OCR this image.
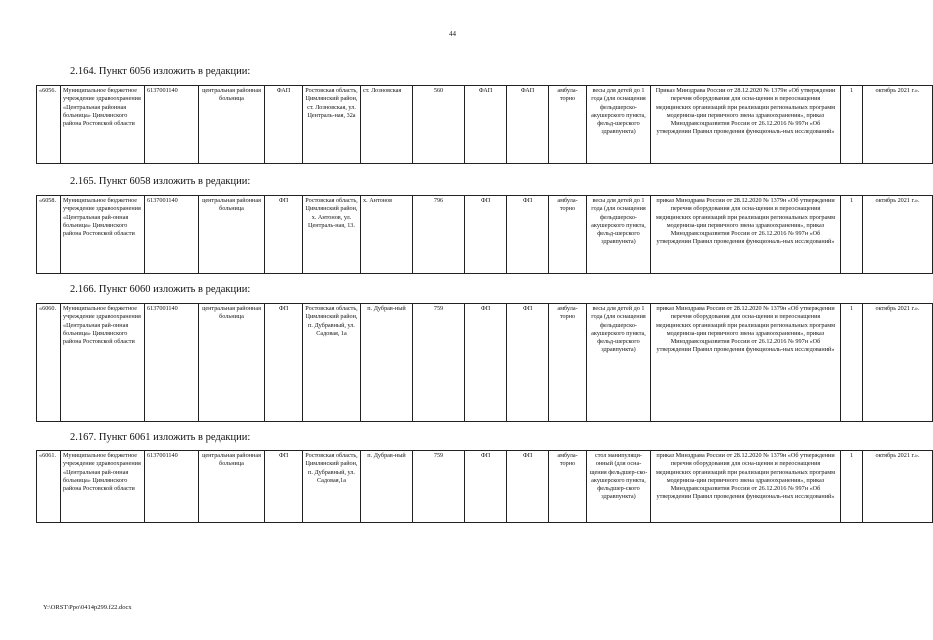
44
2.164. Пункт 6056 изложить в редакции:
«6056.	Муниципальное бюджетное учреждение здравоохранения «Центральная районная больница» Цимлянского района Ростовской области	6137001140	центральная районная больница	ФАП	Ростовская область, Цимлянский район, ст. Лозновская, ул. Централь-ная, 32а	ст. Лозновская	560	ФАП	ФАП	амбула-торно	весы для детей до 1 года (для оснащения фельдшерско-акушерского пункта, фельд-шерского здравпункта)	Приказ Минздрава России от 28.12.2020 № 1379н «Об утверждении перечня оборудования для осна-щения и переоснащения медицинских организаций при реализации региональных программ модерниза-ции первичного звена здравоохранения», приказ Минздравсоцразвития России от 26.12.2016 № 997н «Об утверждении Правил проведения функциональ-ных исследований»	1	октябрь 2021 г.».
2.165. Пункт 6058 изложить в редакции:
«6058.	Муниципальное бюджетное учреждение здравоохранения «Центральная рай-онная больница» Цимлянского района Ростовской области	6137001140	центральная районная больница	ФП	Ростовская область, Цимлянский район, х. Антонов, ул. Централь-ная, 13.	х. Антонов	796	ФП	ФП	амбула-торно	весы для детей до 1 года (для оснащения фельдшерско-акушерского пункта, фельд-шерского здравпункта)	приказ Минздрава России от 28.12.2020 № 1379н «Об утверждении перечня оборудования для осна-щения и переоснащения медицинских организаций при реализации региональных программ модерниза-ции первичного звена здравоохранения», приказ Минздравсоцразвития России от 26.12.2016 № 997н «Об утверждении Правил проведения функциональ-ных исследований»	1	октябрь 2021 г.».
2.166. Пункт 6060 изложить в редакции:
«6060.	Муниципальное бюджетное учреждение здравоохранения «Центральная рай-онная больница» Цимлянского района Ростовской области	6137001140	центральная районная больница	ФП	Ростовская область, Цимлянский район, п. Дубравный, ул. Садовая, 1а	п. Дубрав-ный	759	ФП	ФП	амбула-торно	весы для детей до 1 года (для оснащения фельдшерско-акушерского пункта, фельд-шерского здравпункта)	приказ Минздрава России от 28.12.2020 № 1379н «Об утверждении перечня оборудования для осна-щения и переоснащения медицинских организаций при реализации региональных программ модерниза-ции первичного звена здравоохранения», приказ Минздравсоцразвития России от 26.12.2016 № 997н «Об утверждении Правил проведения функциональ-ных исследований»	1	октябрь 2021 г.».
2.167. Пункт 6061 изложить в редакции:
«6061.	Муниципальное бюджетное учреждение здравоохранения «Центральная рай-онная больница» Цимлянского района Ростовской области	6137001140	центральная районная больница	ФП	Ростовская область, Цимлянский район, п. Дубравный, ул. Садовая,1а	п. Дубрав-ный	759	ФП	ФП	амбула-торно	стол манипуляци-онный (для осна-щения фельдшер-ско-акушерского пункта, фельдшер-ского здравпункта)	приказ Минздрава России от 28.12.2020 № 1379н «Об утверждении перечня оборудования для осна-щения и переоснащения медицинских организаций при реализации региональных программ модерниза-ции первичного звена здравоохранения», приказ Минздравсоцразвития России от 26.12.2016 № 997н «Об утверждении Правил проведения функциональ-ных исследований»	1	октябрь 2021 г.».
Y:\ORST\Ppo\0414p299.f22.docx
